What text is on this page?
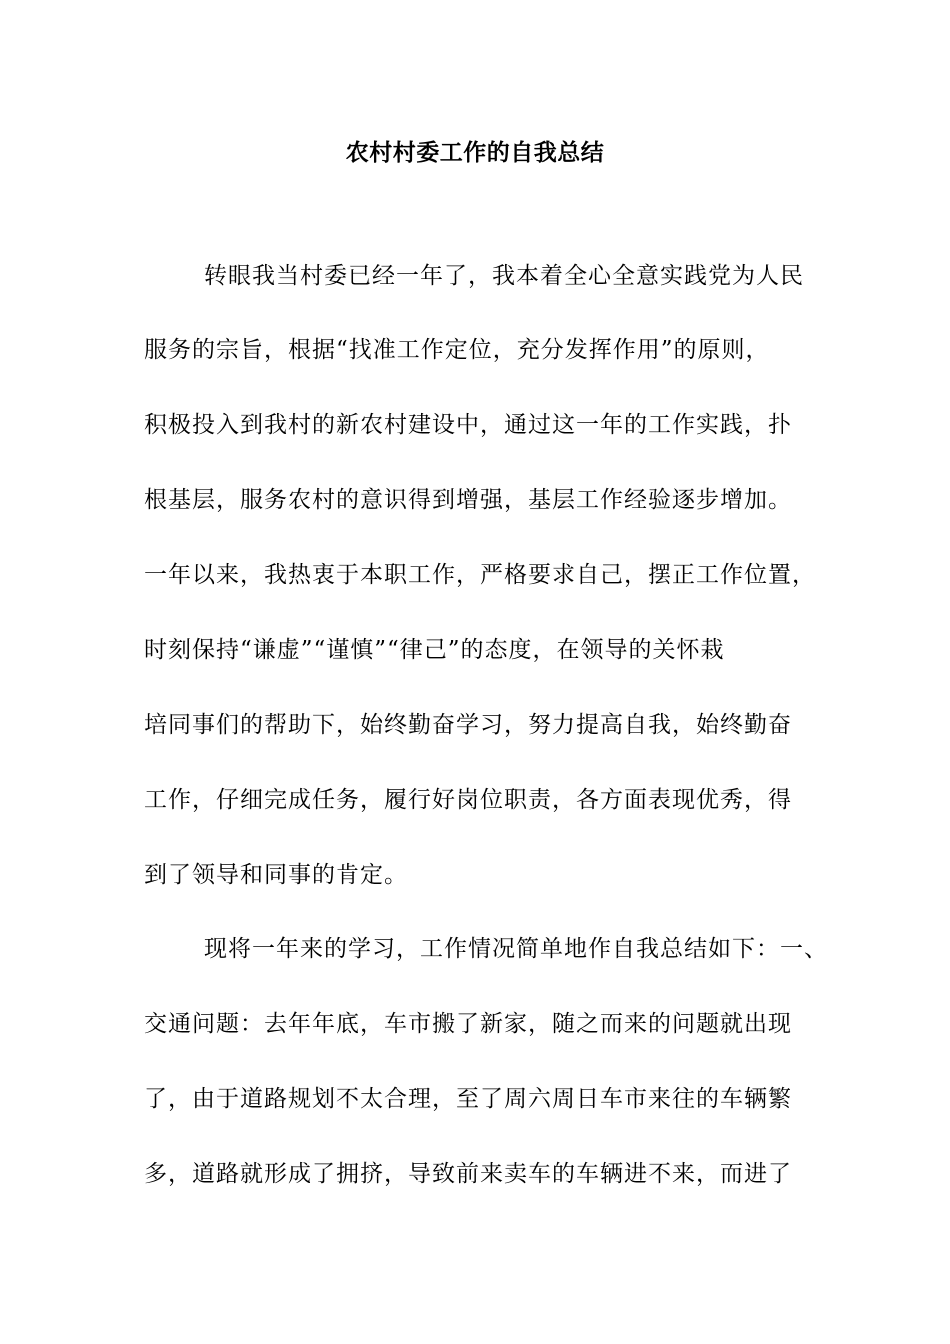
农村村委工作的自我总结
转眼我当村委已经一年了，我本着全心全意实践党为人民
服务的宗旨，根据“找准工作定位，充分发挥作用”的原则，
积极投入到我村的新农村建设中，通过这一年的工作实践，扑
根基层，服务农村的意识得到增强，基层工作经验逐步增加。
一年以来，我热衷于本职工作，严格要求自己，摆正工作位置，
时刻保持“谦虚”“谨慎”“律己”的态度，在领导的关怀栽
培同事们的帮助下，始终勤奋学习，努力提高自我，始终勤奋
工作，仔细完成任务，履行好岗位职责，各方面表现优秀，得
到了领导和同事的肯定。
现将一年来的学习，工作情况简单地作自我总结如下：一、
交通问题：去年年底，车市搬了新家，随之而来的问题就出现
了，由于道路规划不太合理，至了周六周日车市来往的车辆繁
多，道路就形成了拥挤，导致前来卖车的车辆进不来，而进了
